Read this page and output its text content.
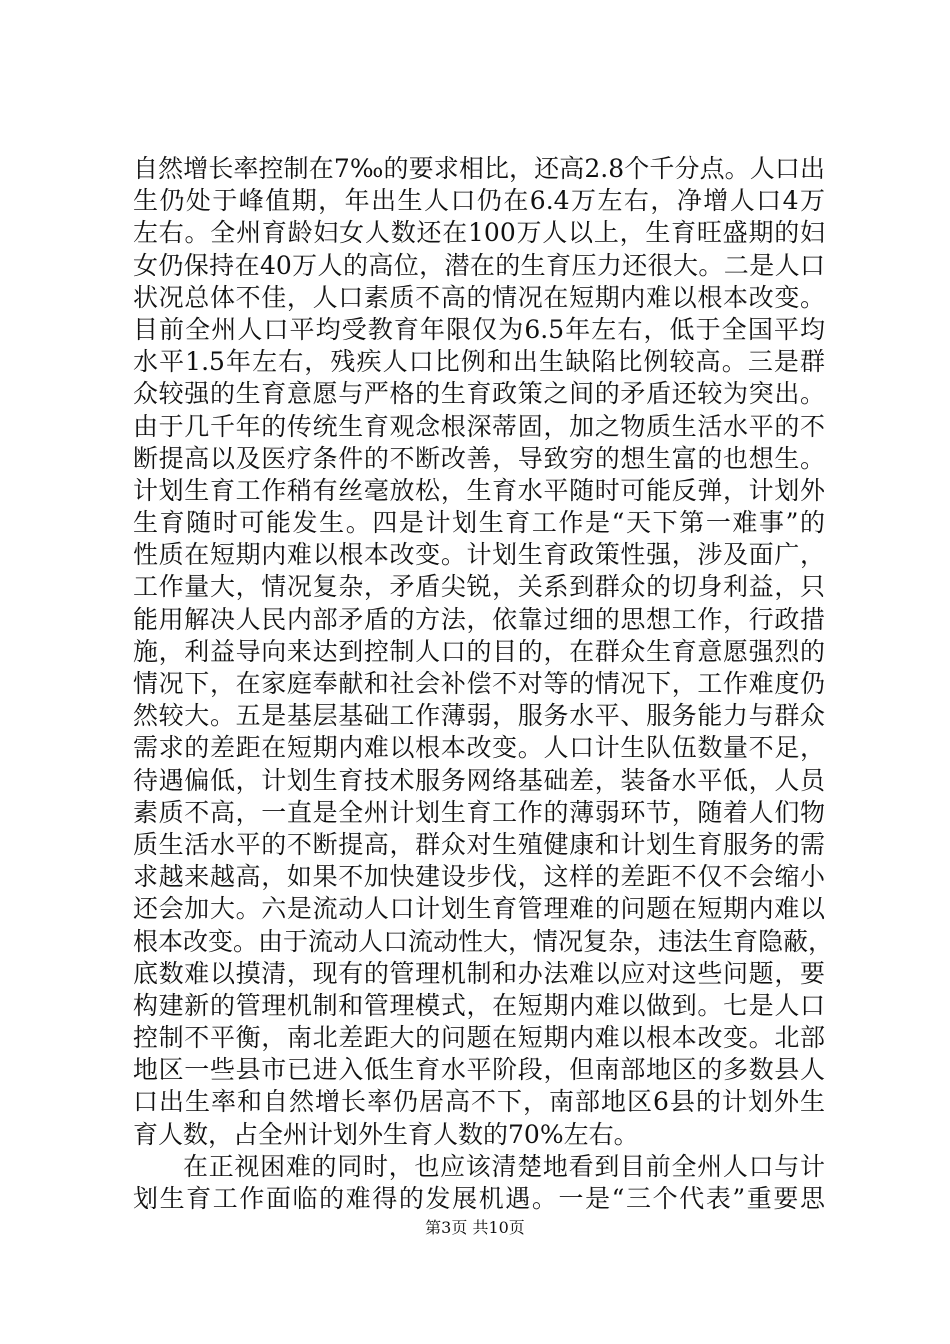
自然增长率控制在7‰的要求相比，还高2.8个千分点。人口出
生仍处于峰值期，年出生人口仍在6.4万左右，净增人口4万
左右。全州育龄妇女人数还在100万人以上，生育旺盛期的妇
女仍保持在40万人的高位，潜在的生育压力还很大。二是人口
状况总体不佳，人口素质不高的情况在短期内难以根本改变。
目前全州人口平均受教育年限仅为6.5年左右，低于全国平均
水平1.5年左右，残疾人口比例和出生缺陷比例较高。三是群
众较强的生育意愿与严格的生育政策之间的矛盾还较为突出。
由于几千年的传统生育观念根深蒂固，加之物质生活水平的不
断提高以及医疗条件的不断改善，导致穷的想生富的也想生。
计划生育工作稍有丝毫放松，生育水平随时可能反弹，计划外
生育随时可能发生。四是计划生育工作是“天下第一难事”的
性质在短期内难以根本改变。计划生育政策性强，涉及面广，
工作量大，情况复杂，矛盾尖锐，关系到群众的切身利益，只
能用解决人民内部矛盾的方法，依靠过细的思想工作，行政措
施，利益导向来达到控制人口的目的，在群众生育意愿强烈的
情况下，在家庭奉献和社会补偿不对等的情况下，工作难度仍
然较大。五是基层基础工作薄弱，服务水平、服务能力与群众
需求的差距在短期内难以根本改变。人口计生队伍数量不足，
待遇偏低，计划生育技术服务网络基础差，装备水平低，人员
素质不高，一直是全州计划生育工作的薄弱环节，随着人们物
质生活水平的不断提高，群众对生殖健康和计划生育服务的需
求越来越高，如果不加快建设步伐，这样的差距不仅不会缩小
还会加大。六是流动人口计划生育管理难的问题在短期内难以
根本改变。由于流动人口流动性大，情况复杂，违法生育隐蔽，
底数难以摸清，现有的管理机制和办法难以应对这些问题，要
构建新的管理机制和管理模式，在短期内难以做到。七是人口
控制不平衡，南北差距大的问题在短期内难以根本改变。北部
地区一些县市已进入低生育水平阶段，但南部地区的多数县人
口出生率和自然增长率仍居高不下，南部地区6县的计划外生
育人数，占全州计划外生育人数的70%左右。
在正视困难的同时，也应该清楚地看到目前全州人口与计
划生育工作面临的难得的发展机遇。一是“三个代表”重要思
第3页 共10页
